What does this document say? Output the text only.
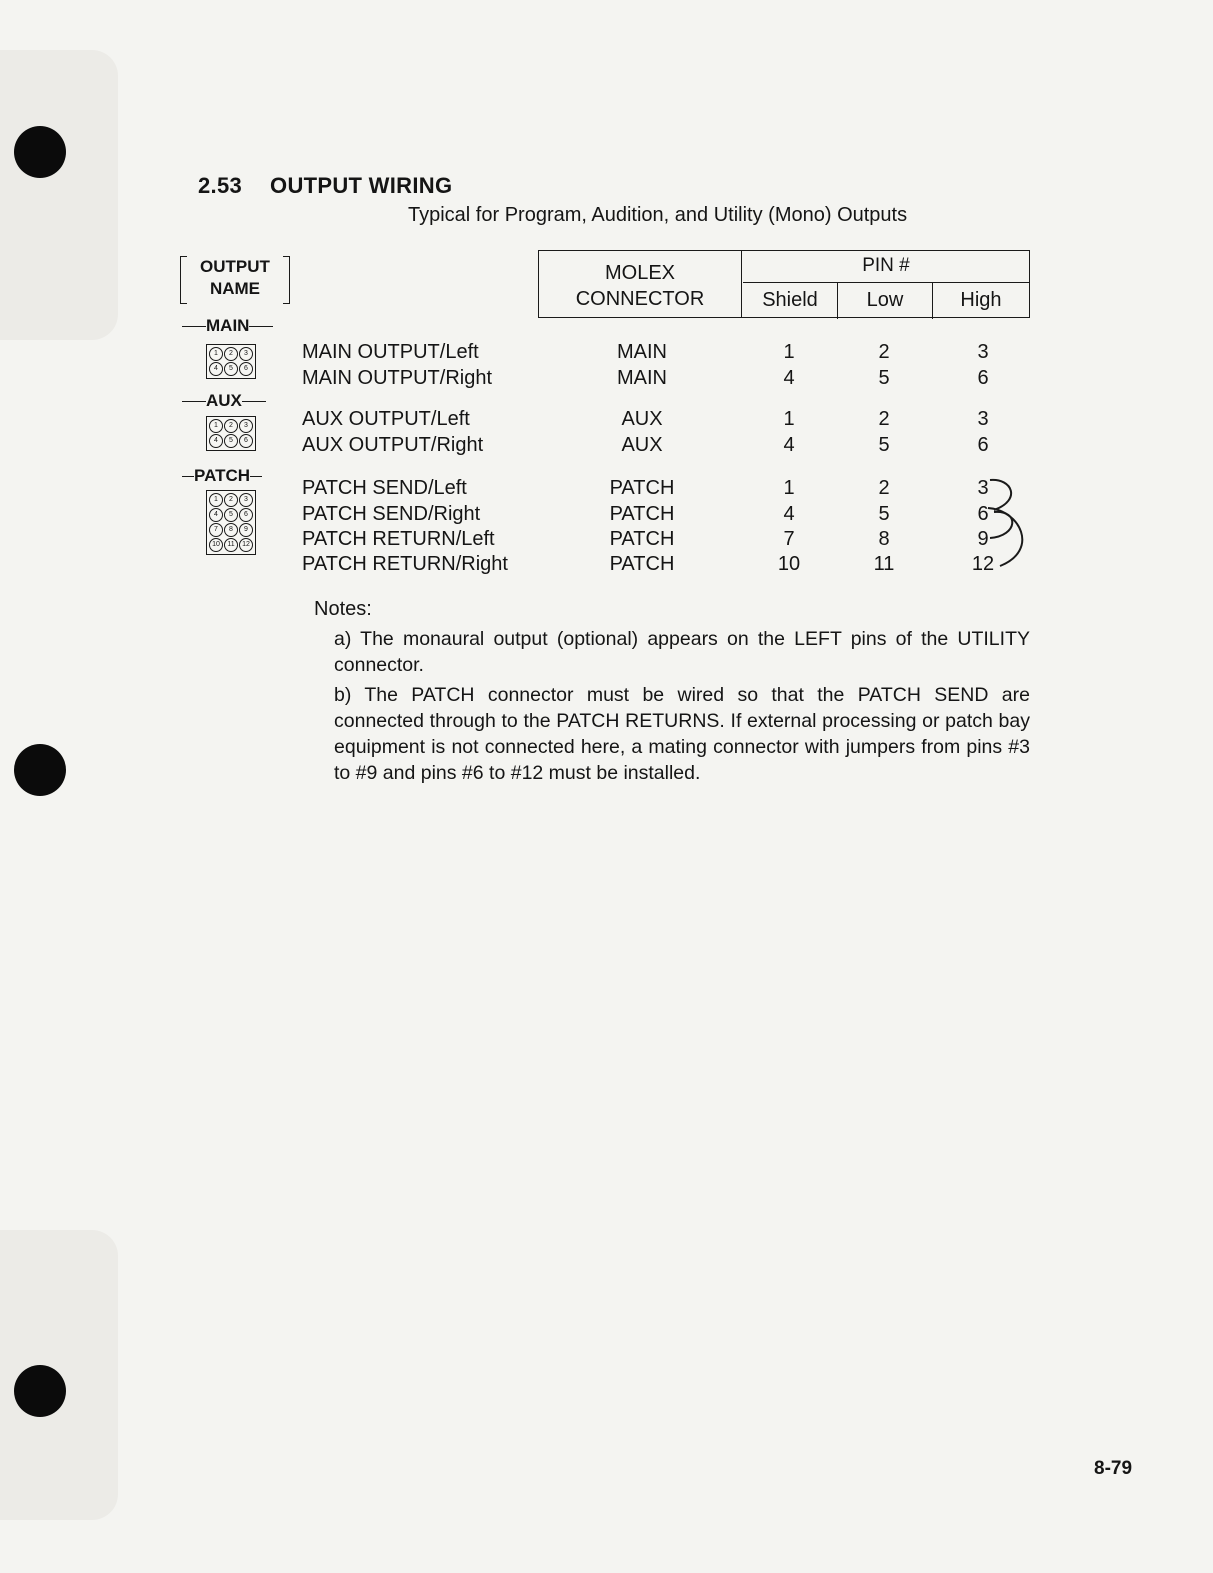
2.53 OUTPUT WIRING
Typical for Program, Audition, and Utility (Mono) Outputs
OUTPUT
NAME
MOLEX
CONNECTOR
PIN #
Shield	Low	High
MAIN
1	2	3
4	5	6
AUX
1	2	3
4	5	6
PATCH
1	2	3
4	5	6
7	8	9
10	11	12
MAIN OUTPUT/Left	MAIN	1	2	3
MAIN OUTPUT/Right	MAIN	4	5	6
AUX OUTPUT/Left	AUX	1	2	3
AUX OUTPUT/Right	AUX	4	5	6
PATCH SEND/Left	PATCH	1	2	3
PATCH SEND/Right	PATCH	4	5	6
PATCH RETURN/Left	PATCH	7	8	9
PATCH RETURN/Right	PATCH	10	11	12
Notes:
a) The monaural output (optional) appears on the LEFT pins of the UTILITY connector.
b) The PATCH connector must be wired so that the PATCH SEND are connected through to the PATCH RETURNS. If external processing or patch bay equipment is not connected here, a mating connector with jumpers from pins #3 to #9 and pins #6 to #12 must be installed.
8-79
